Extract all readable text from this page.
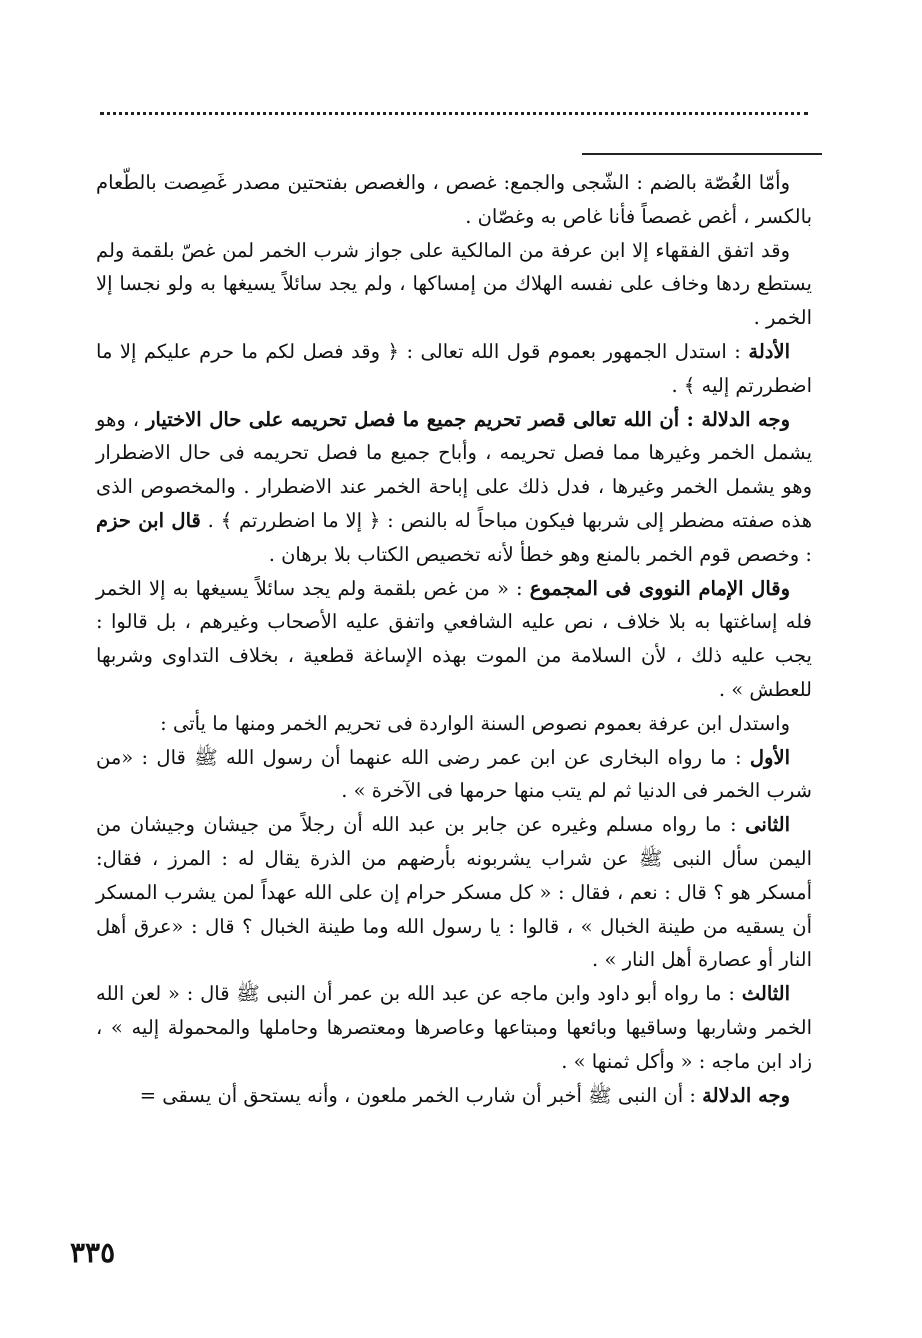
وأمّا الغُصّة بالضم : الشّجى والجمع: غصص ، والغصص بفتحتين مصدر غَصِصت بالطّعام بالكسر ، أغص غصصاً فأنا غاص به وغصّان .

وقد اتفق الفقهاء إلا ابن عرفة من المالكية على جواز شرب الخمر لمن غصّ بلقمة ولم يستطع ردها وخاف على نفسه الهلاك من إمساكها ، ولم يجد سائلاً يسيغها به ولو نجسا إلا الخمر .

الأدلة : استدل الجمهور بعموم قول الله تعالى : ﴿ وقد فصل لكم ما حرم عليكم إلا ما اضطررتم إليه ﴾ .

وجه الدلالة : أن الله تعالى قصر تحريم جميع ما فصل تحريمه على حال الاختيار ، وهو يشمل الخمر وغيرها مما فصل تحريمه ، وأباح جميع ما فصل تحريمه فى حال الاضطرار وهو يشمل الخمر وغيرها ، فدل ذلك على إباحة الخمر عند الاضطرار . والمخصوص الذى هذه صفته مضطر إلى شربها فيكون مباحاً له بالنص : ﴿ إلا ما اضطررتم ﴾ . قال ابن حزم : وخصص قوم الخمر بالمنع وهو خطأ لأنه تخصيص الكتاب بلا برهان .

وقال الإمام النووى فى المجموع : « من غص بلقمة ولم يجد سائلاً يسيغها به إلا الخمر فله إساغتها به بلا خلاف ، نص عليه الشافعي واتفق عليه الأصحاب وغيرهم ، بل قالوا : يجب عليه ذلك ، لأن السلامة من الموت بهذه الإساغة قطعية ، بخلاف التداوى وشربها للعطش » .

واستدل ابن عرفة بعموم نصوص السنة الواردة فى تحريم الخمر ومنها ما يأتى :

الأول : ما رواه البخارى عن ابن عمر رضى الله عنهما أن رسول الله ﷺ قال : «من شرب الخمر فى الدنيا ثم لم يتب منها حرمها فى الآخرة » .

الثانى : ما رواه مسلم وغيره عن جابر بن عبد الله أن رجلاً من جيشان وجيشان من اليمن سأل النبى ﷺ عن شراب يشربونه بأرضهم من الذرة يقال له : المرز ، فقال: أمسكر هو ؟ قال : نعم ، فقال : « كل مسكر حرام إن على الله عهداً لمن يشرب المسكر أن يسقيه من طينة الخبال » ، قالوا : يا رسول الله وما طينة الخبال ؟ قال : «عرق أهل النار أو عصارة أهل النار » .

الثالث : ما رواه أبو داود وابن ماجه عن عبد الله بن عمر أن النبى ﷺ قال : « لعن الله الخمر وشاربها وساقيها وبائعها ومبتاعها وعاصرها ومعتصرها وحاملها والمحمولة إليه » ، زاد ابن ماجه : « وأكل ثمنها » .

وجه الدلالة : أن النبى ﷺ أخبر أن شارب الخمر ملعون ، وأنه يستحق أن يسقى =

٣٣٥
